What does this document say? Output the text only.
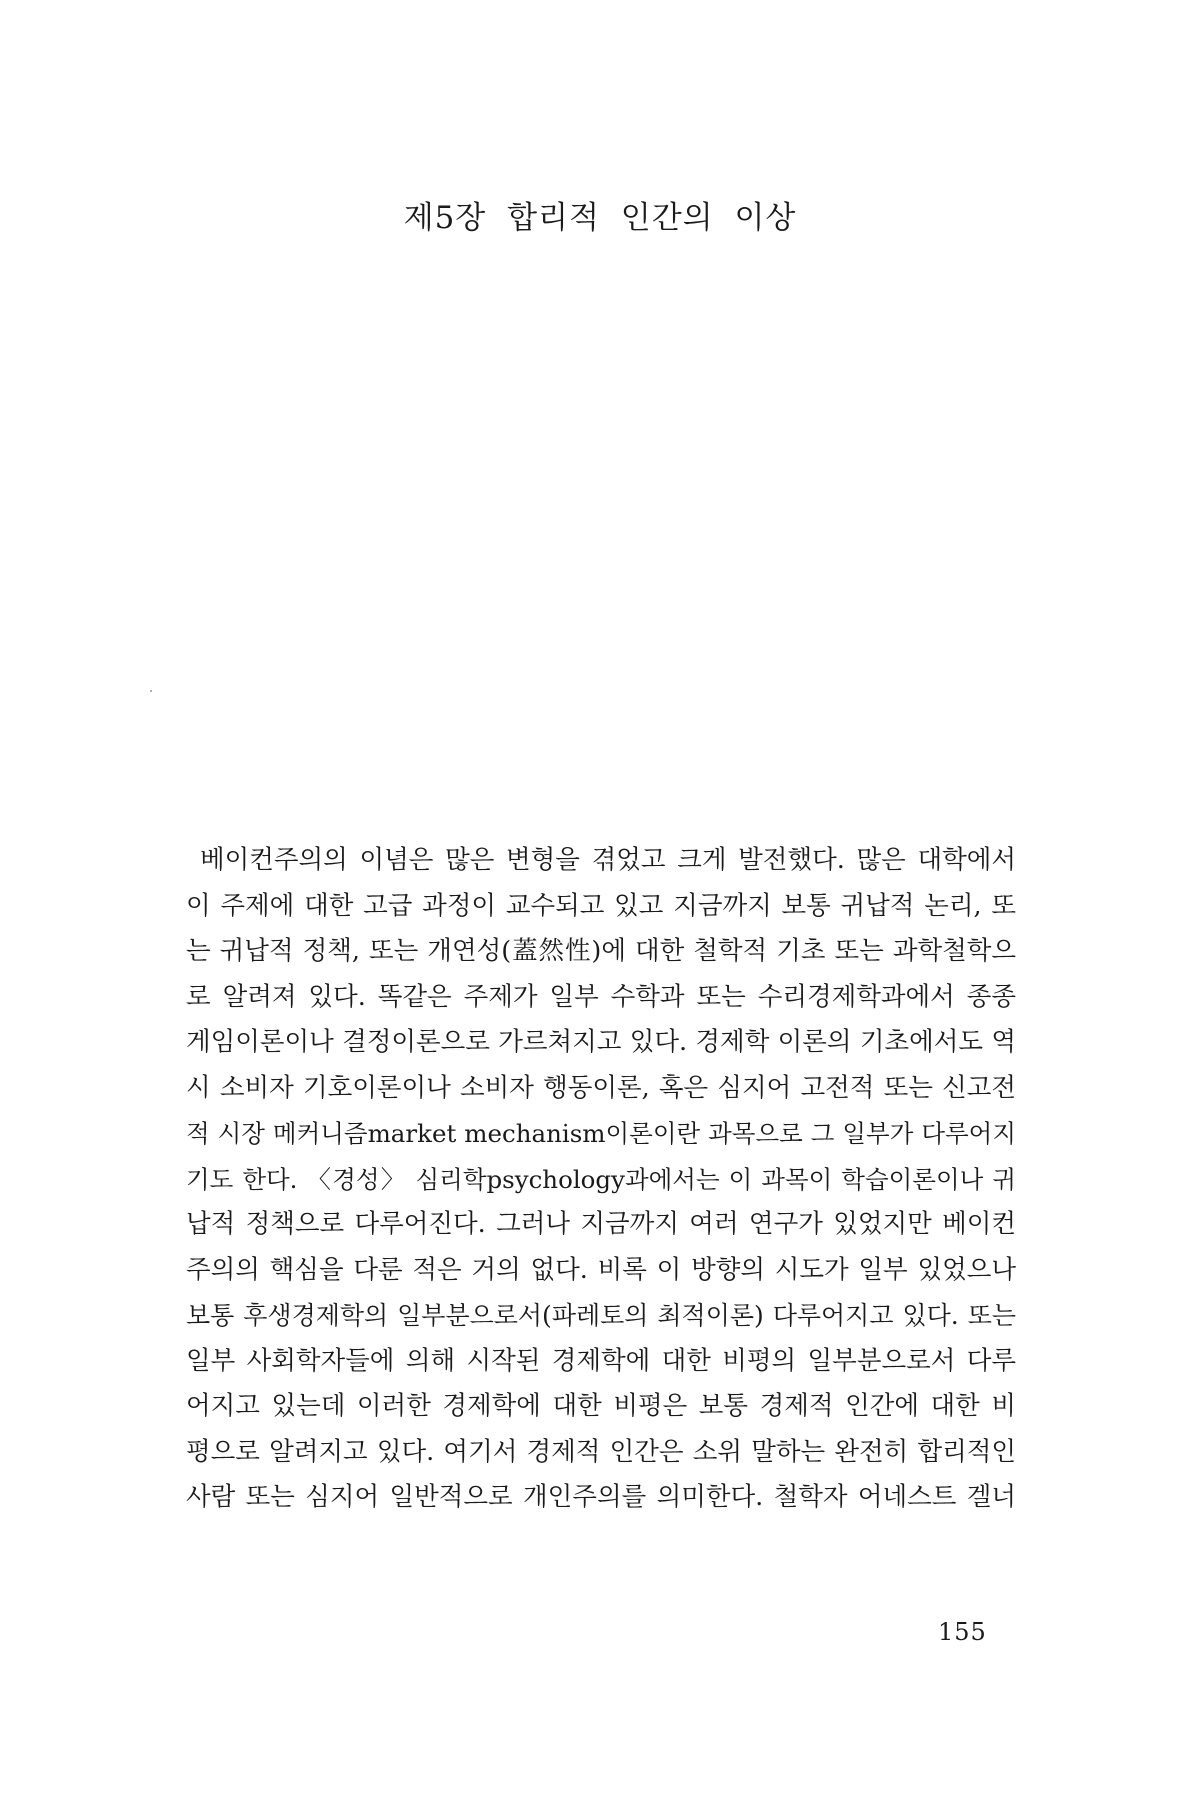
제5장 합리적 인간의 이상
베이컨주의의 이념은 많은 변형을 겪었고 크게 발전했다. 많은 대학에서
이 주제에 대한 고급 과정이 교수되고 있고 지금까지 보통 귀납적 논리, 또
는 귀납적 정책, 또는 개연성(蓋然性)에 대한 철학적 기초 또는 과학철학으
로 알려져 있다. 똑같은 주제가 일부 수학과 또는 수리경제학과에서 종종
게임이론이나 결정이론으로 가르쳐지고 있다. 경제학 이론의 기초에서도 역
시 소비자 기호이론이나 소비자 행동이론, 혹은 심지어 고전적 또는 신고전
적 시장 메커니즘market mechanism이론이란 과목으로 그 일부가 다루어지
기도 한다. 〈경성〉 심리학psychology과에서는 이 과목이 학습이론이나 귀
납적 정책으로 다루어진다. 그러나 지금까지 여러 연구가 있었지만 베이컨
주의의 핵심을 다룬 적은 거의 없다. 비록 이 방향의 시도가 일부 있었으나
보통 후생경제학의 일부분으로서(파레토의 최적이론) 다루어지고 있다. 또는
일부 사회학자들에 의해 시작된 경제학에 대한 비평의 일부분으로서 다루
어지고 있는데 이러한 경제학에 대한 비평은 보통 경제적 인간에 대한 비
평으로 알려지고 있다. 여기서 경제적 인간은 소위 말하는 완전히 합리적인
사람 또는 심지어 일반적으로 개인주의를 의미한다. 철학자 어네스트 겔너
155
